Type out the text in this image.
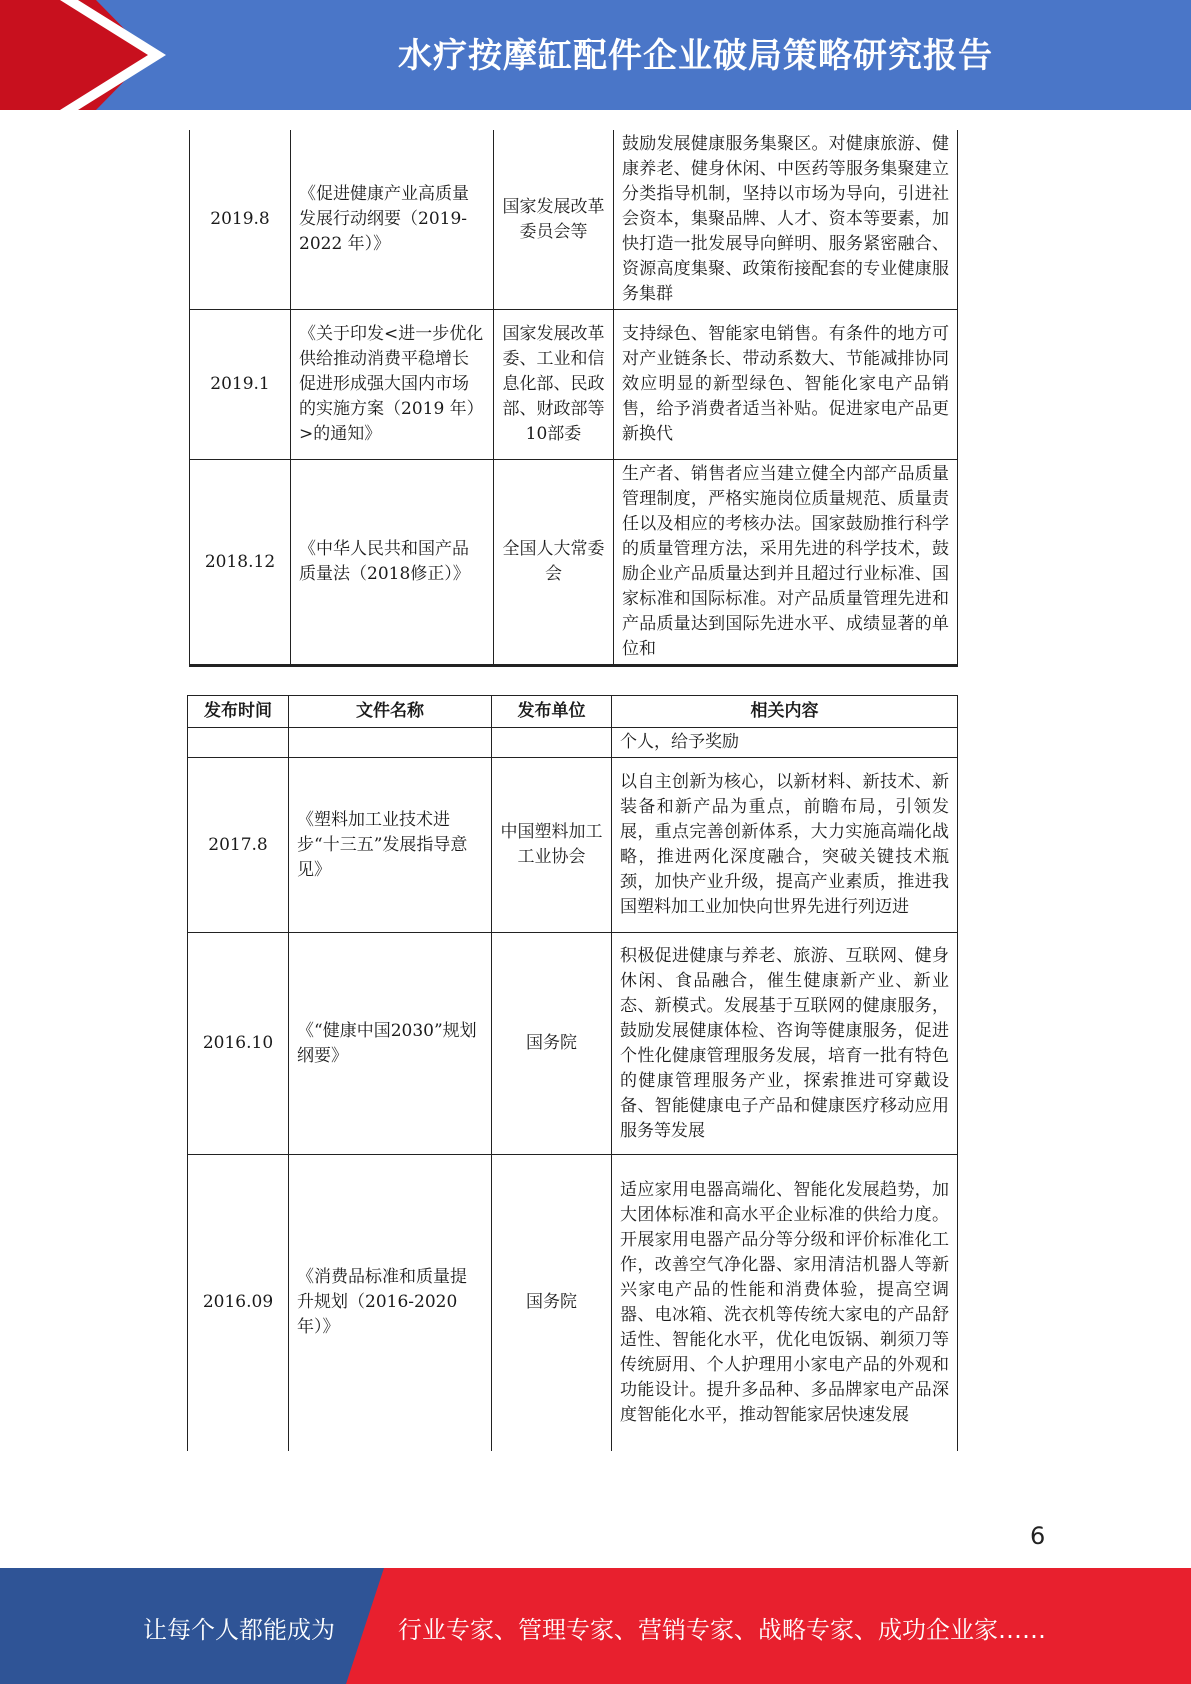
水疗按摩缸配件企业破局策略研究报告
2019.8	《促进健康产业高质量发展行动纲要（2019-2022 年）》	国家发展改革委员会等	鼓励发展健康服务集聚区。对健康旅游、健康养老、健身休闲、中医药等服务集聚建立分类指导机制，坚持以市场为导向，引进社会资本，集聚品牌、人才、资本等要素，加快打造一批发展导向鲜明、服务紧密融合、资源高度集聚、政策衔接配套的专业健康服务集群
2019.1	《关于印发<进一步优化供给推动消费平稳增长促进形成强大国内市场的实施方案（2019 年）>的通知》	国家发展改革委、工业和信息化部、民政部、财政部等10部委	支持绿色、智能家电销售。有条件的地方可对产业链条长、带动系数大、节能减排协同效应明显的新型绿色、智能化家电产品销售，给予消费者适当补贴。促进家电产品更新换代
2018.12	《中华人民共和国产品质量法（2018修正）》	全国人大常委会	生产者、销售者应当建立健全内部产品质量管理制度，严格实施岗位质量规范、质量责任以及相应的考核办法。国家鼓励推行科学的质量管理方法，采用先进的科学技术，鼓励企业产品质量达到并且超过行业标准、国家标准和国际标准。对产品质量管理先进和产品质量达到国际先进水平、成绩显著的单位和
发布时间	文件名称	发布单位	相关内容
			个人，给予奖励
2017.8	《塑料加工业技术进步“十三五”发展指导意见》	中国塑料加工工业协会	以自主创新为核心，以新材料、新技术、新装备和新产品为重点，前瞻布局，引领发展，重点完善创新体系，大力实施高端化战略，推进两化深度融合，突破关键技术瓶颈，加快产业升级，提高产业素质，推进我国塑料加工业加快向世界先进行列迈进
2016.10	《“健康中国2030”规划纲要》	国务院	积极促进健康与养老、旅游、互联网、健身休闲、食品融合，催生健康新产业、新业态、新模式。发展基于互联网的健康服务，鼓励发展健康体检、咨询等健康服务，促进个性化健康管理服务发展，培育一批有特色的健康管理服务产业，探索推进可穿戴设备、智能健康电子产品和健康医疗移动应用服务等发展
2016.09	《消费品标准和质量提升规划（2016-2020 年）》	国务院	适应家用电器高端化、智能化发展趋势，加大团体标准和高水平企业标准的供给力度。开展家用电器产品分等分级和评价标准化工作，改善空气净化器、家用清洁机器人等新兴家电产品的性能和消费体验，提高空调器、电冰箱、洗衣机等传统大家电的产品舒适性、智能化水平，优化电饭锅、剃须刀等传统厨用、个人护理用小家电产品的外观和功能设计。提升多品种、多品牌家电产品深度智能化水平，推动智能家居快速发展
6
让每个人都能成为	行业专家、管理专家、营销专家、战略专家、成功企业家……
